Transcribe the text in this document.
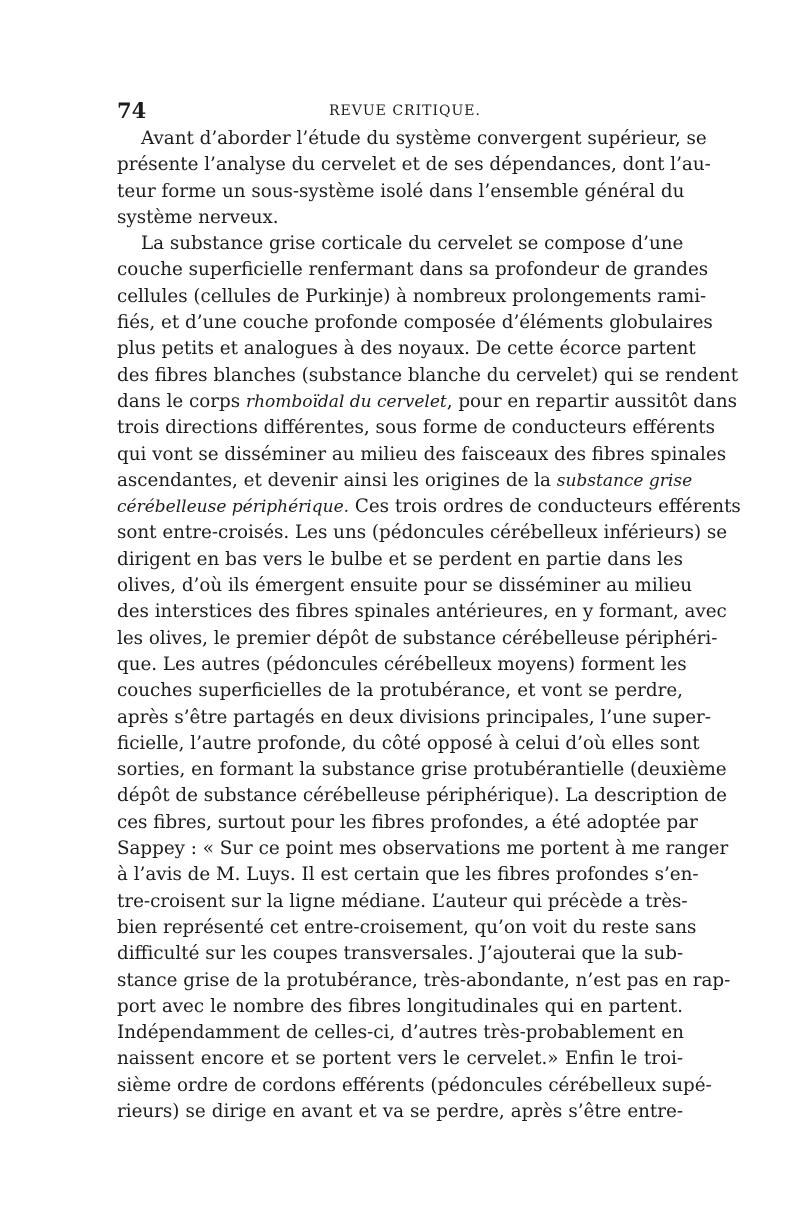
74	REVUE CRITIQUE.
Avant d’aborder l’étude du système convergent supérieur, se
présente l’analyse du cervelet et de ses dépendances, dont l’au-
teur forme un sous-système isolé dans l’ensemble général du
système nerveux.
La substance grise corticale du cervelet se compose d’une
couche superficielle renfermant dans sa profondeur de grandes
cellules (cellules de Purkinje) à nombreux prolongements rami-
fiés, et d’une couche profonde composée d’éléments globulaires
plus petits et analogues à des noyaux. De cette écorce partent
des fibres blanches (substance blanche du cervelet) qui se rendent
dans le corps rhomboïdal du cervelet, pour en repartir aussitôt dans
trois directions différentes, sous forme de conducteurs efférents
qui vont se disséminer au milieu des faisceaux des fibres spinales
ascendantes, et devenir ainsi les origines de la substance grise
cérébelleuse périphérique. Ces trois ordres de conducteurs efférents
sont entre-croisés. Les uns (pédoncules cérébelleux inférieurs) se
dirigent en bas vers le bulbe et se perdent en partie dans les
olives, d’où ils émergent ensuite pour se disséminer au milieu
des interstices des fibres spinales antérieures, en y formant, avec
les olives, le premier dépôt de substance cérébelleuse périphéri-
que. Les autres (pédoncules cérébelleux moyens) forment les
couches superficielles de la protubérance, et vont se perdre,
après s’être partagés en deux divisions principales, l’une super-
ficielle, l’autre profonde, du côté opposé à celui d’où elles sont
sorties, en formant la substance grise protubérantielle (deuxième
dépôt de substance cérébelleuse périphérique). La description de
ces fibres, surtout pour les fibres profondes, a été adoptée par
Sappey : « Sur ce point mes observations me portent à me ranger
à l’avis de M. Luys. Il est certain que les fibres profondes s’en-
tre-croisent sur la ligne médiane. L’auteur qui précède a très-
bien représenté cet entre-croisement, qu’on voit du reste sans
difficulté sur les coupes transversales. J’ajouterai que la sub-
stance grise de la protubérance, très-abondante, n’est pas en rap-
port avec le nombre des fibres longitudinales qui en partent.
Indépendamment de celles-ci, d’autres très-probablement en
naissent encore et se portent vers le cervelet.» Enfin le troi-
sième ordre de cordons efférents (pédoncules cérébelleux supé-
rieurs) se dirige en avant et va se perdre, après s’être entre-
